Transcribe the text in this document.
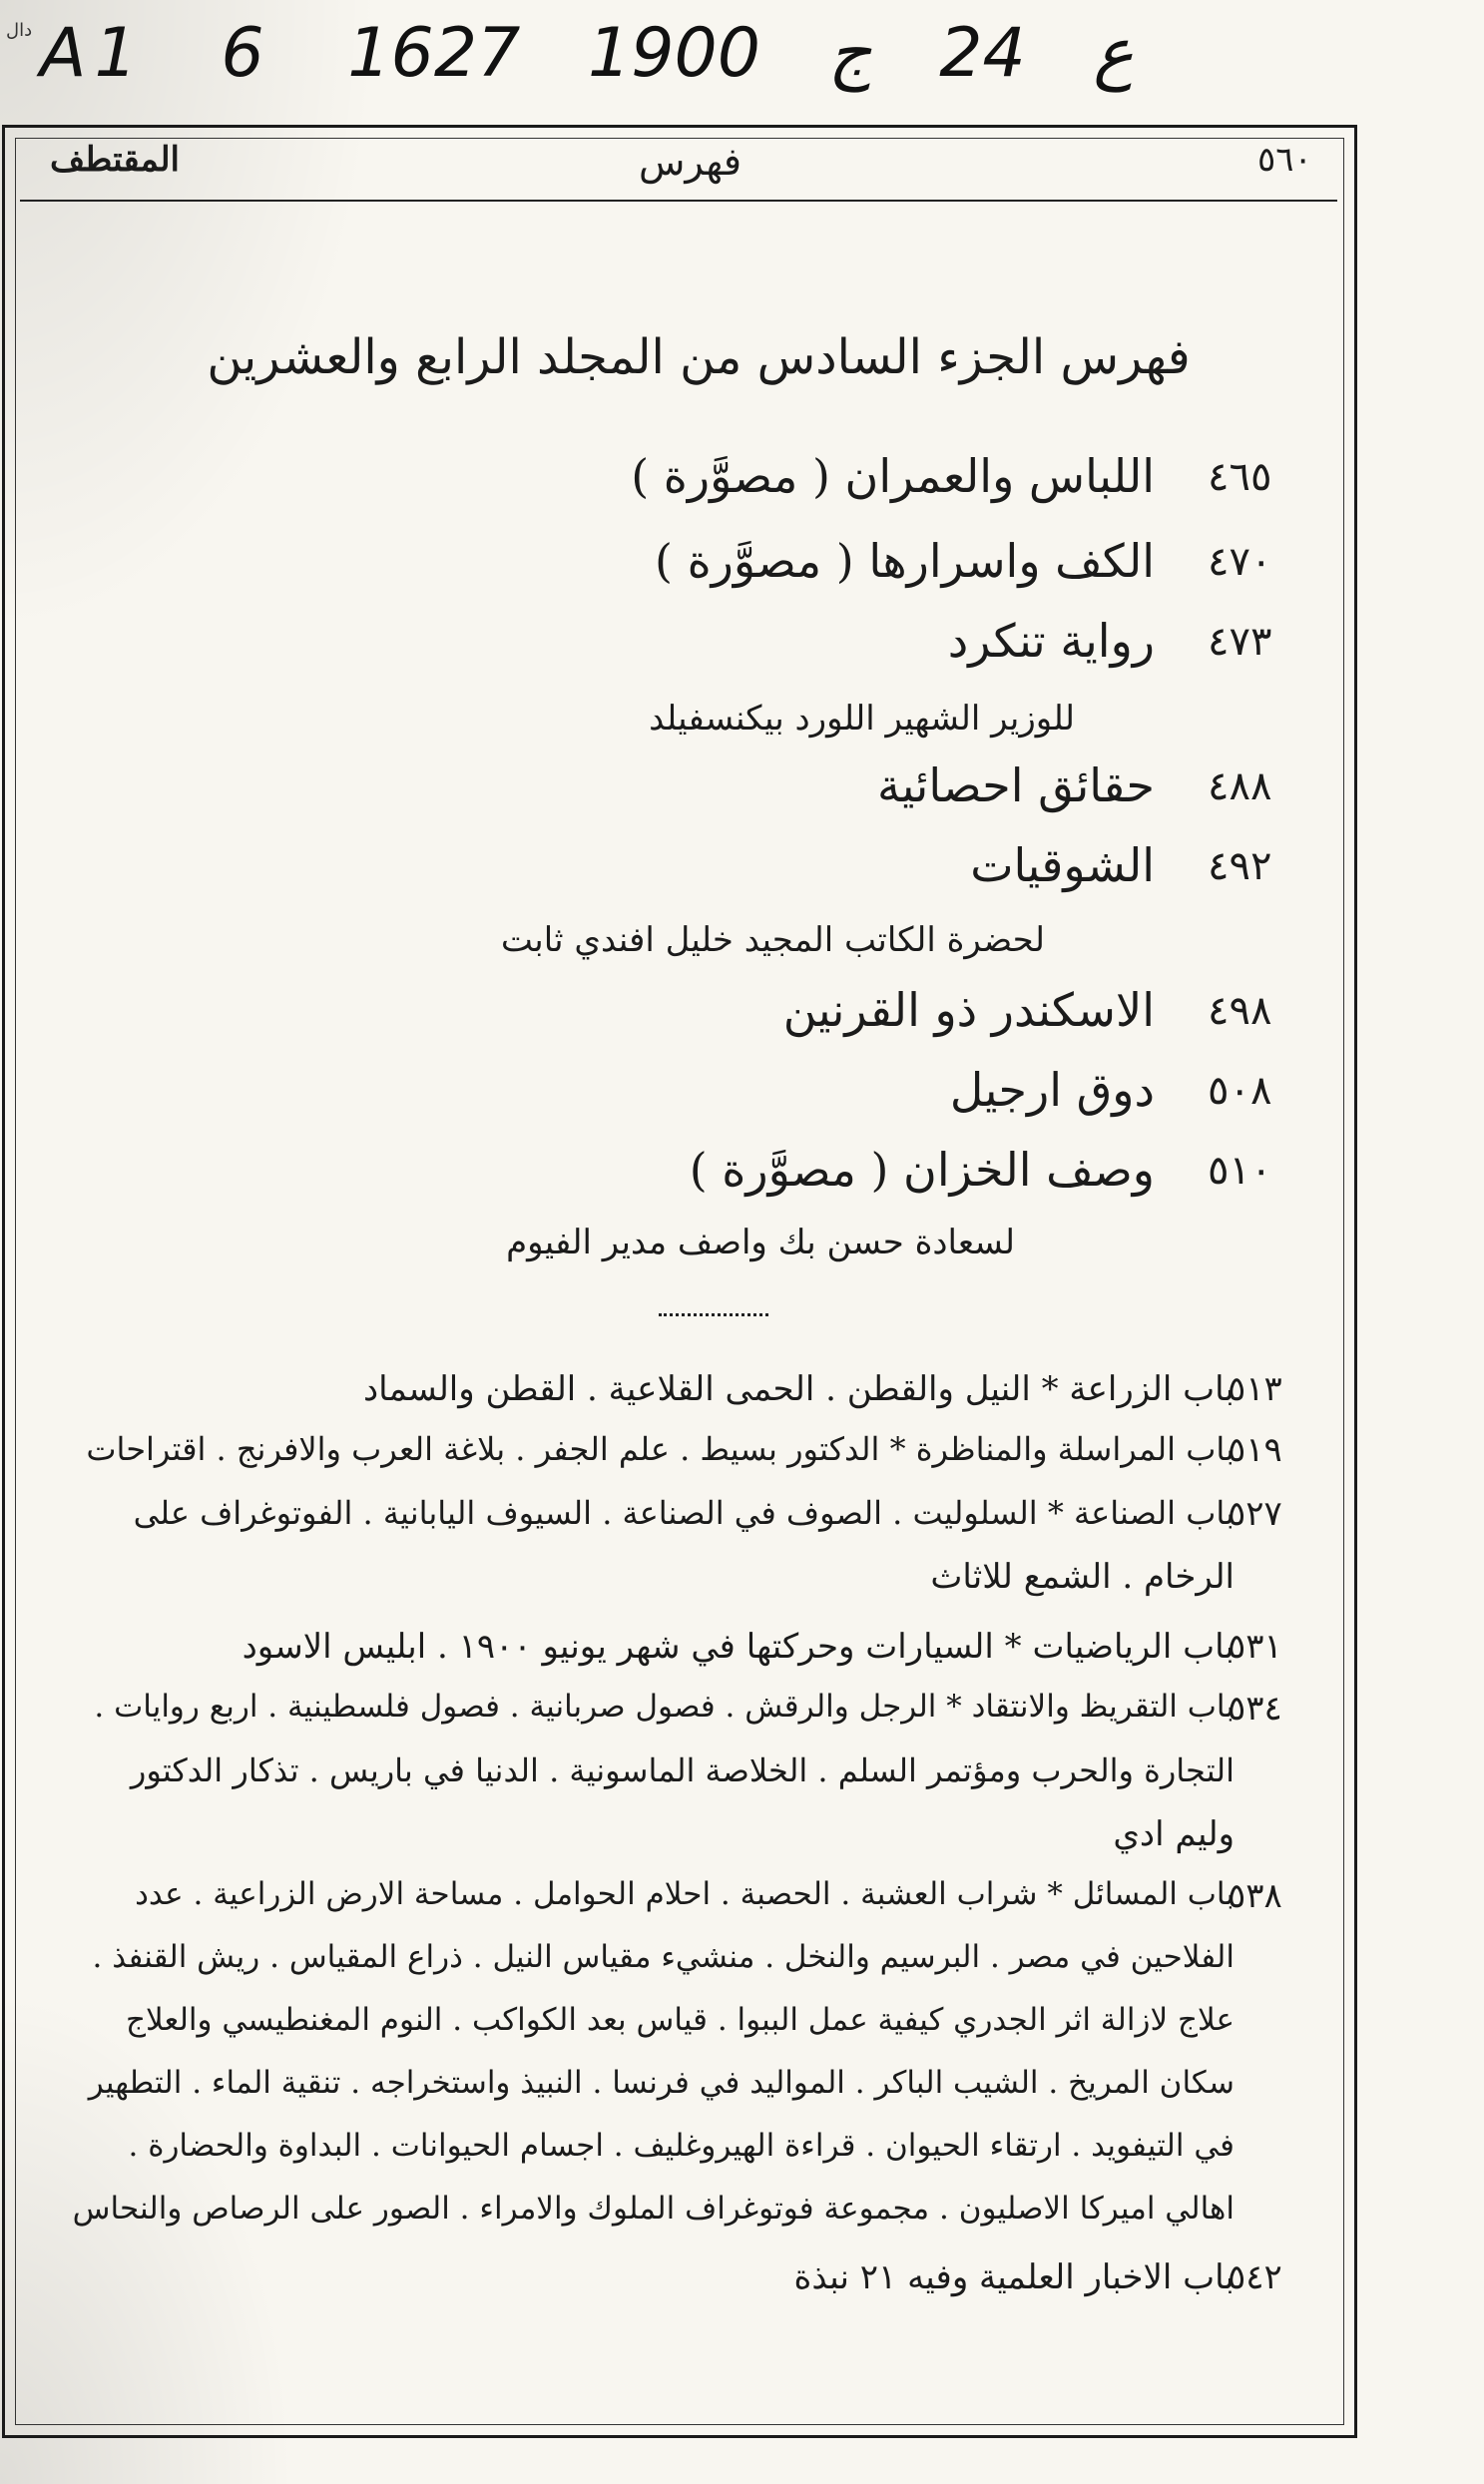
دال A1 6	ع 24 ج 1900 1627
٥٦٠
فهرس
المقتطف
فهرس الجزء السادس من المجلد الرابع والعشرين
٤٦٥
اللباس والعمران ( مصوَّرة )
٤٧٠
الكف واسرارها ( مصوَّرة )
٤٧٣
رواية تنكرد
للوزير الشهير اللورد بيكنسفيلد
٤٨٨
حقائق احصائية
٤٩٢
الشوقيات
لحضرة الكاتب المجيد خليل افندي ثابت
٤٩٨
الاسكندر ذو القرنين
٥٠٨
دوق ارجيل
٥١٠
وصف الخزان ( مصوَّرة )
لسعادة حسن بك واصف مدير الفيوم
٥١٣
باب الزراعة * النيل والقطن . الحمى القلاعية . القطن والسماد
٥١٩
باب المراسلة والمناظرة * الدكتور بسيط . علم الجفر . بلاغة العرب والافرنج . اقتراحات
٥٢٧
باب الصناعة * السلوليت . الصوف في الصناعة . السيوف اليابانية . الفوتوغراف على
الرخام . الشمع للاثاث
٥٣١
باب الرياضيات * السيارات وحركتها في شهر يونيو ١٩٠٠ . ابليس الاسود
٥٣٤
باب التقريظ والانتقاد * الرجل والرقش . فصول صربانية . فصول فلسطينية . اربع روايات .
التجارة والحرب ومؤتمر السلم . الخلاصة الماسونية . الدنيا في باريس . تذكار الدكتور
وليم ادي
٥٣٨
باب المسائل * شراب العشبة . الحصبة . احلام الحوامل . مساحة الارض الزراعية . عدد
الفلاحين في مصر . البرسيم والنخل . منشيء مقياس النيل . ذراع المقياس . ريش القنفذ .
علاج لازالة اثر الجدري كيفية عمل الببوا . قياس بعد الكواكب . النوم المغنطيسي والعلاج
سكان المريخ . الشيب الباكر . المواليد في فرنسا . النبيذ واستخراجه . تنقية الماء . التطهير
في التيفويد . ارتقاء الحيوان . قراءة الهيروغليف . اجسام الحيوانات . البداوة والحضارة .
اهالي اميركا الاصليون . مجموعة فوتوغراف الملوك والامراء . الصور على الرصاص والنحاس
٥٤٢
باب الاخبار العلمية وفيه ٢١ نبذة
